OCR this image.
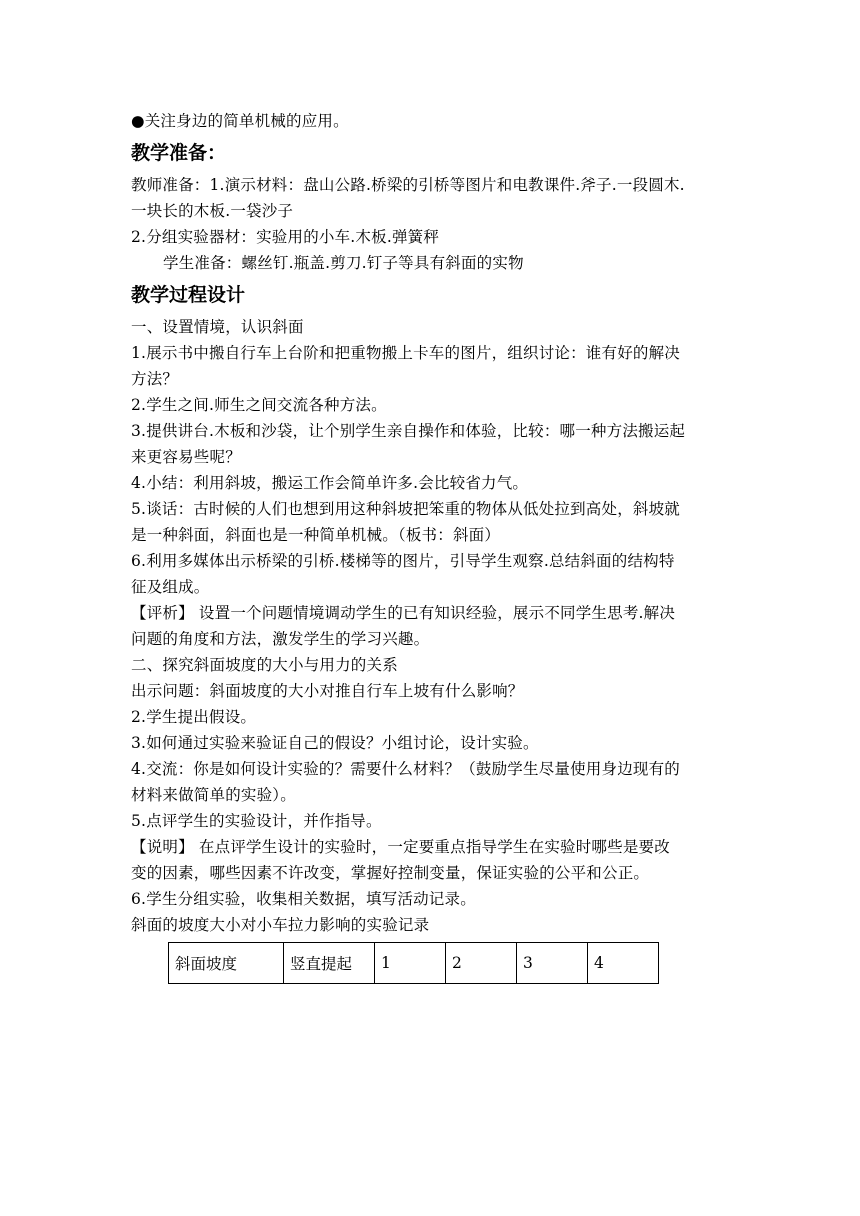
●关注身边的简单机械的应用。

教学准备：

教师准备：1.演示材料：盘山公路.桥梁的引桥等图片和电教课件.斧子.一段圆木.

一块长的木板.一袋沙子

2.分组实验器材：实验用的小车.木板.弹簧秤

学生准备：螺丝钉.瓶盖.剪刀.钉子等具有斜面的实物

教学过程设计

一、设置情境，认识斜面

1.展示书中搬自行车上台阶和把重物搬上卡车的图片，组织讨论：谁有好的解决

方法？

2.学生之间.师生之间交流各种方法。

3.提供讲台.木板和沙袋，让个别学生亲自操作和体验，比较：哪一种方法搬运起

来更容易些呢？

4.小结：利用斜坡，搬运工作会简单许多.会比较省力气。

5.谈话：古时候的人们也想到用这种斜坡把笨重的物体从低处拉到高处，斜坡就

是一种斜面，斜面也是一种简单机械。（板书：斜面）

6.利用多媒体出示桥梁的引桥.楼梯等的图片，引导学生观察.总结斜面的结构特

征及组成。

【评析】 设置一个问题情境调动学生的已有知识经验，展示不同学生思考.解决

问题的角度和方法，激发学生的学习兴趣。

二、探究斜面坡度的大小与用力的关系

出示问题：斜面坡度的大小对推自行车上坡有什么影响？

2.学生提出假设。

3.如何通过实验来验证自己的假设？小组讨论，设计实验。

4.交流：你是如何设计实验的？需要什么材料？（鼓励学生尽量使用身边现有的

材料来做简单的实验）。

5.点评学生的实验设计，并作指导。

【说明】 在点评学生设计的实验时，一定要重点指导学生在实验时哪些是要改

变的因素，哪些因素不许改变，掌握好控制变量，保证实验的公平和公正。

6.学生分组实验，收集相关数据，填写活动记录。

斜面的坡度大小对小车拉力影响的实验记录

斜面坡度	竖直提起	1	2	3	4
